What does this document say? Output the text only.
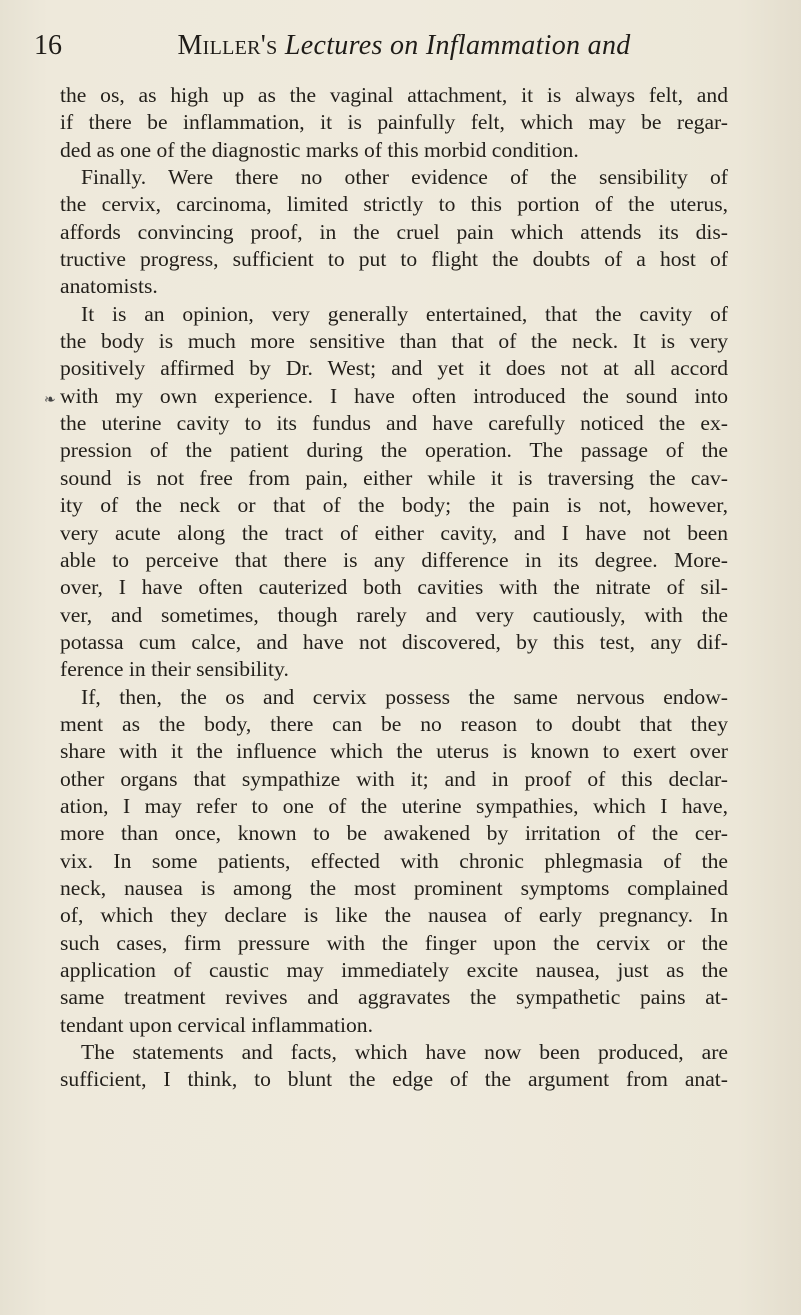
16	Miller's Lectures on Inflammation and
❧
the os, as high up as the vaginal attachment, it is always felt, and
if there be inflammation, it is painfully felt, which may be regar-
ded as one of the diagnostic marks of this morbid condition.
Finally. Were there no other evidence of the sensibility of
the cervix, carcinoma, limited strictly to this portion of the uterus,
affords convincing proof, in the cruel pain which attends its dis-
tructive progress, sufficient to put to flight the doubts of a host of
anatomists.
It is an opinion, very generally entertained, that the cavity of
the body is much more sensitive than that of the neck. It is very
positively affirmed by Dr. West; and yet it does not at all accord
with my own experience. I have often introduced the sound into
the uterine cavity to its fundus and have carefully noticed the ex-
pression of the patient during the operation. The passage of the
sound is not free from pain, either while it is traversing the cav-
ity of the neck or that of the body; the pain is not, however,
very acute along the tract of either cavity, and I have not been
able to perceive that there is any difference in its degree. More-
over, I have often cauterized both cavities with the nitrate of sil-
ver, and sometimes, though rarely and very cautiously, with the
potassa cum calce, and have not discovered, by this test, any dif-
ference in their sensibility.
If, then, the os and cervix possess the same nervous endow-
ment as the body, there can be no reason to doubt that they
share with it the influence which the uterus is known to exert over
other organs that sympathize with it; and in proof of this declar-
ation, I may refer to one of the uterine sympathies, which I have,
more than once, known to be awakened by irritation of the cer-
vix. In some patients, effected with chronic phlegmasia of the
neck, nausea is among the most prominent symptoms complained
of, which they declare is like the nausea of early pregnancy. In
such cases, firm pressure with the finger upon the cervix or the
application of caustic may immediately excite nausea, just as the
same treatment revives and aggravates the sympathetic pains at-
tendant upon cervical inflammation.
The statements and facts, which have now been produced, are
sufficient, I think, to blunt the edge of the argument from anat-
